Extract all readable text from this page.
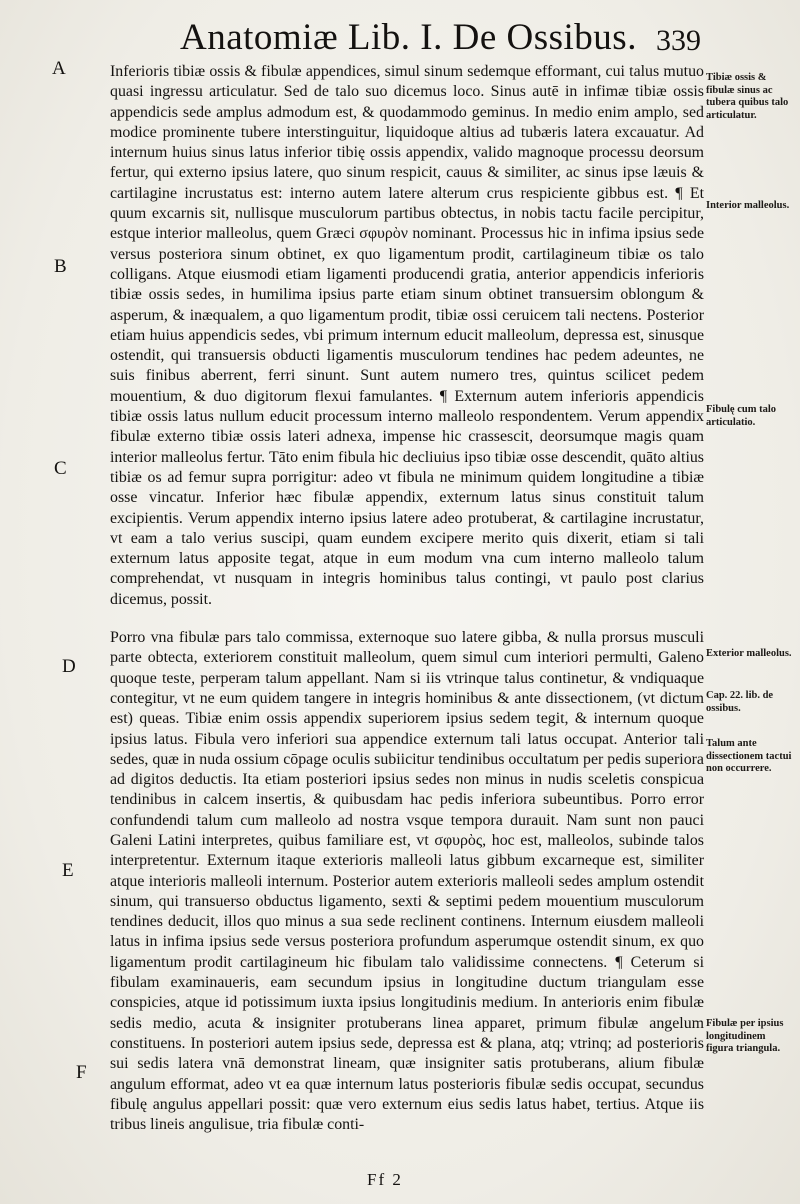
Anatomiæ Lib. I. De Ossibus. 339
A
B
C
D
E
F

Inferioris tibiæ ossis & fibulæ appendices, simul sinum sedemque efformant, cui talus mutuo quasi ingressu articulatur. Sed de talo suo dicemus loco. Sinus autē in infimæ tibiæ ossis appendicis sede amplus admodum est, & quodammodo geminus. In medio enim amplo, sed modice prominente tubere interstinguitur, liquidoque altius ad tubæris latera excauatur. Ad internum huius sinus latus inferior tibię ossis appendix, valido magnoque processu deorsum fertur, qui externo ipsius latere, quo sinum respicit, cauus & similiter, ac sinus ipse læuis & cartilagine incrustatus est: interno autem latere alterum crus respiciente gibbus est. ¶ Et quum excarnis sit, nullisque musculorum partibus obtectus, in nobis tactu facile percipitur, estque interior malleolus, quem Græci σφυρὸν nominant. Processus hic in infima ipsius sede versus posteriora sinum obtinet, ex quo ligamentum prodit, cartilagineum tibiæ os talo colligans. Atque eiusmodi etiam ligamenti producendi gratia, anterior appendicis inferioris tibiæ ossis sedes, in humilima ipsius parte etiam sinum obtinet transuersim oblongum & asperum, & inæqualem, a quo ligamentum prodit, tibiæ ossi ceruicem tali nectens. Posterior etiam huius appendicis sedes, vbi primum internum educit malleolum, depressa est, sinusque ostendit, qui transuersis obducti ligamentis musculorum tendines hac pedem adeuntes, ne suis finibus aberrent, ferri sinunt. Sunt autem numero tres, quintus scilicet pedem mouentium, & duo digitorum flexui famulantes. ¶ Externum autem inferioris appendicis tibiæ ossis latus nullum educit processum interno malleolo respondentem. Verum appendix fibulæ externo tibiæ ossis lateri adnexa, impense hic crassescit, deorsumque magis quam interior malleolus fertur. Tāto enim fibula hic decliuius ipso tibiæ osse descendit, quāto altius tibiæ os ad femur supra porrigitur: adeo vt fibula ne minimum quidem longitudine a tibiæ osse vincatur. Inferior hæc fibulæ appendix, externum latus sinus constituit talum excipientis. Verum appendix interno ipsius latere adeo protuberat, & cartilagine incrustatur, vt eam a talo verius suscipi, quam eundem excipere merito quis dixerit, etiam si tali externum latus apposite tegat, atque in eum modum vna cum interno malleolo talum comprehendat, vt nusquam in integris hominibus talus contingi, vt paulo post clarius dicemus, possit.

Porro vna fibulæ pars talo commissa, externoque suo latere gibba, & nulla prorsus musculi parte obtecta, exteriorem constituit malleolum, quem simul cum interiori permulti, Galeno quoque teste, perperam talum appellant. Nam si iis vtrinque talus continetur, & vndiquaque contegitur, vt ne eum quidem tangere in integris hominibus & ante dissectionem, (vt dictum est) queas. Tibiæ enim ossis appendix superiorem ipsius sedem tegit, & internum quoque ipsius latus. Fibula vero inferiori sua appendice externum tali latus occupat. Anterior tali sedes, quæ in nuda ossium cōpage oculis subiicitur tendinibus occultatum per pedis superiora ad digitos deductis. Ita etiam posteriori ipsius sedes non minus in nudis sceletis conspicua tendinibus in calcem insertis, & quibusdam hac pedis inferiora subeuntibus. Porro error confundendi talum cum malleolo ad nostra vsque tempora durauit. Nam sunt non pauci Galeni Latini interpretes, quibus familiare est, vt σφυρὸς, hoc est, malleolos, subinde talos interpretentur. Externum itaque exterioris malleoli latus gibbum excarneque est, similiter atque interioris malleoli internum. Posterior autem exterioris malleoli sedes amplum ostendit sinum, qui transuerso obductus ligamento, sexti & septimi pedem mouentium musculorum tendines deducit, illos quo minus a sua sede reclinent continens. Internum eiusdem malleoli latus in infima ipsius sede versus posteriora profundum asperumque ostendit sinum, ex quo ligamentum prodit cartilagineum hic fibulam talo validissime connectens. ¶ Ceterum si fibulam examinaueris, eam secundum ipsius in longitudine ductum triangulam esse conspicies, atque id potissimum iuxta ipsius longitudinis medium. In anterioris enim fibulæ sedis medio, acuta & insigniter protuberans linea apparet, primum fibulæ angelum constituens. In posteriori autem ipsius sede, depressa est & plana, atq; vtrinq; ad posterioris sui sedis latera vnā demonstrat lineam, quæ insigniter satis protuberans, alium fibulæ angulum efformat, adeo vt ea quæ internum latus posterioris fibulæ sedis occupat, secundus fibulę angulus appellari possit: quæ vero externum eius sedis latus habet, tertius. Atque iis tribus lineis angulisue, tria fibulæ conti-

Tibiæ ossis & fibulæ sinus ac tubera quibus talo articulatur.
Interior malleolus.
Fibulę cum talo articulatio.
Exterior malleolus.
Cap. 22. lib. de ossibus.
Talum ante dissectionem tactui non occurrere.
Fibulæ per ipsius longitudinem figura triangula.
Ff 2
